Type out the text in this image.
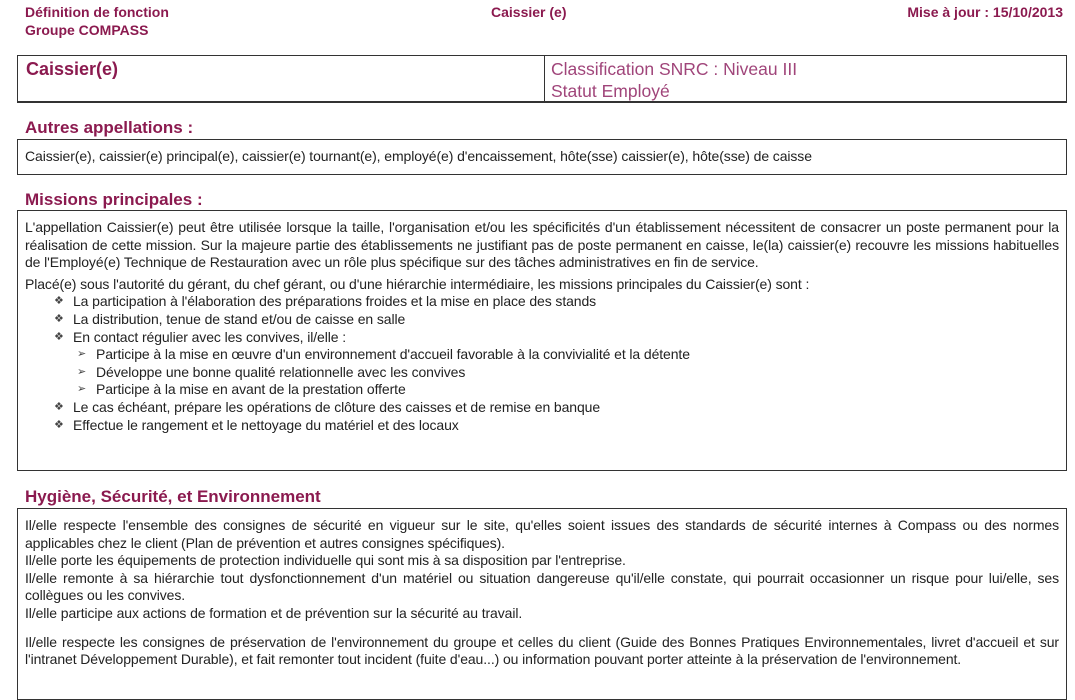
Définition de fonction
Groupe COMPASS
Caissier (e)	Mise à jour : 15/10/2013
Caissier(e)	Classification SNRC : Niveau III
Statut Employé
Autres appellations :
Caissier(e), caissier(e) principal(e), caissier(e) tournant(e), employé(e) d'encaissement, hôte(sse) caissier(e), hôte(sse) de caisse
Missions principales :

L'appellation Caissier(e) peut être utilisée lorsque la taille, l'organisation et/ou les spécificités d'un établissement nécessitent de consacrer un poste permanent pour la réalisation de cette mission. Sur la majeure partie des établissements ne justifiant pas de poste permanent en caisse, le(la) caissier(e) recouvre les missions habituelles de l'Employé(e) Technique de Restauration avec un rôle plus spécifique sur des tâches administratives en fin de service.

Placé(e) sous l'autorité du gérant, du chef gérant, ou d'une hiérarchie intermédiaire, les missions principales du Caissier(e) sont :

❖ La participation à l'élaboration des préparations froides et la mise en place des stands
❖ La distribution, tenue de stand et/ou de caisse en salle
❖ En contact régulier avec les convives, il/elle :
➢ Participe à la mise en œuvre d'un environnement d'accueil favorable à la convivialité et la détente
➢ Développe une bonne qualité relationnelle avec les convives
➢ Participe à la mise en avant de la prestation offerte
❖ Le cas échéant, prépare les opérations de clôture des caisses et de remise en banque
❖ Effectue le rangement et le nettoyage du matériel et des locaux
Hygiène, Sécurité, et Environnement

Il/elle respecte l'ensemble des consignes de sécurité en vigueur sur le site, qu'elles soient issues des standards de sécurité internes à Compass ou des normes applicables chez le client (Plan de prévention et autres consignes spécifiques).

Il/elle porte les équipements de protection individuelle qui sont mis à sa disposition par l'entreprise.

Il/elle remonte à sa hiérarchie tout dysfonctionnement d'un matériel ou situation dangereuse qu'il/elle constate, qui pourrait occasionner un risque pour lui/elle, ses collègues ou les convives.

Il/elle participe aux actions de formation et de prévention sur la sécurité au travail.

Il/elle respecte les consignes de préservation de l'environnement du groupe et celles du client (Guide des Bonnes Pratiques Environnementales, livret d'accueil et sur l'intranet Développement Durable), et fait remonter tout incident (fuite d'eau...) ou information pouvant porter atteinte à la préservation de l'environnement.
